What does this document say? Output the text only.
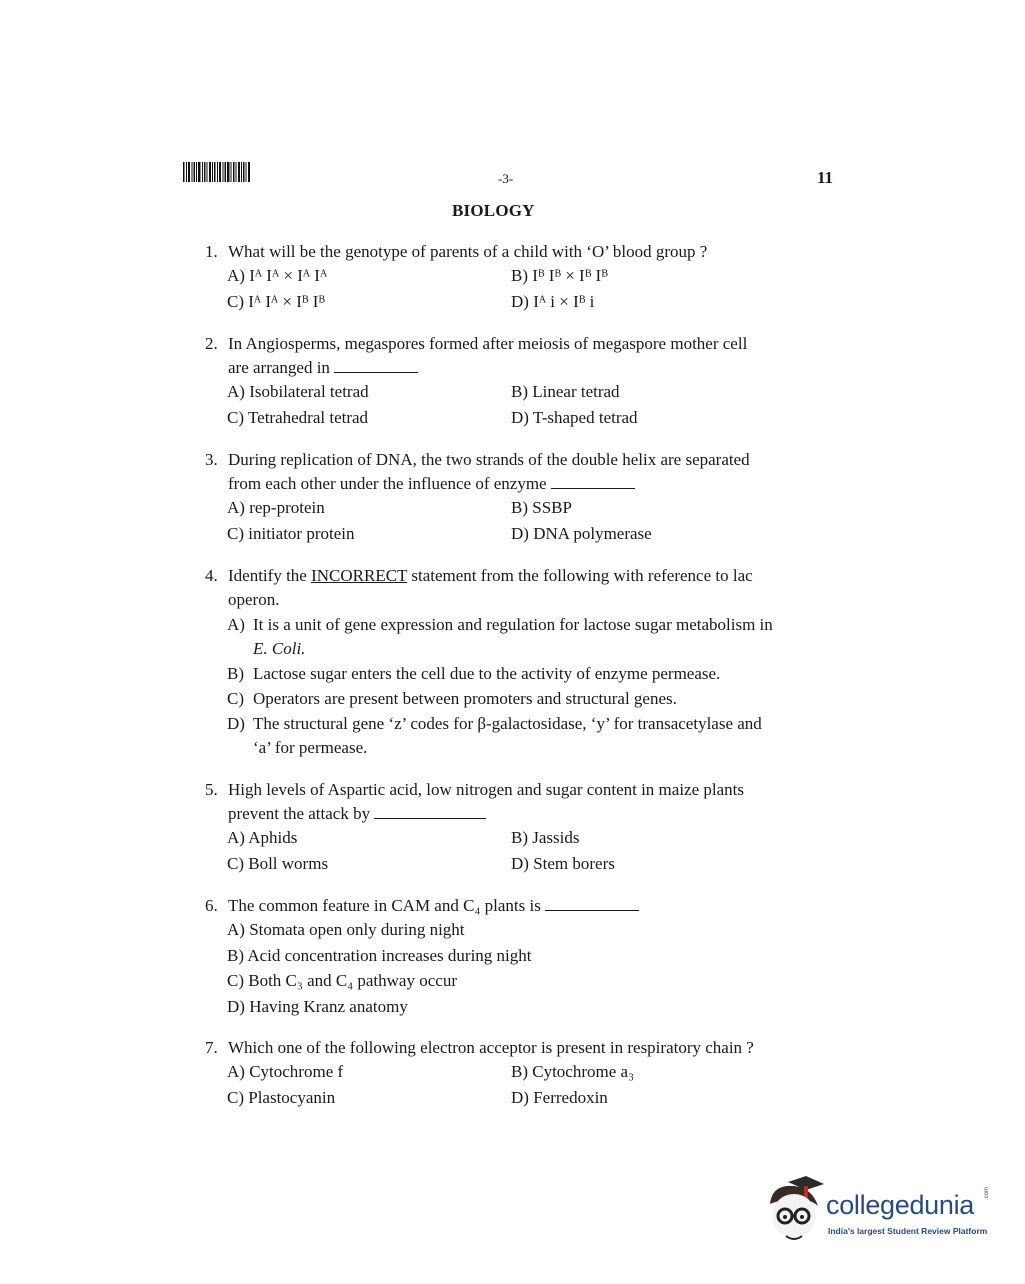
-3-	11
BIOLOGY
1. What will be the genotype of parents of a child with ‘O’ blood group ?
A) Iᴬ Iᴬ × Iᴬ Iᴬ	B) Iᴮ Iᴮ × Iᴮ Iᴮ
C) Iᴬ Iᴬ × Iᴮ Iᴮ	D) Iᴬ i × Iᴮ i
2. In Angiosperms, megaspores formed after meiosis of megaspore mother cell
are arranged in
A) Isobilateral tetrad	B) Linear tetrad
C) Tetrahedral tetrad	D) T-shaped tetrad
3. During replication of DNA, the two strands of the double helix are separated
from each other under the influence of enzyme
A) rep-protein	B) SSBP
C) initiator protein	D) DNA polymerase
4. Identify the INCORRECT statement from the following with reference to lac
operon.
A) It is a unit of gene expression and regulation for lactose sugar metabolism in
E. Coli.
B) Lactose sugar enters the cell due to the activity of enzyme permease.
C) Operators are present between promoters and structural genes.
D) The structural gene ‘z’ codes for β-galactosidase, ‘y’ for transacetylase and
‘a’ for permease.
5. High levels of Aspartic acid, low nitrogen and sugar content in maize plants
prevent the attack by
A) Aphids	B) Jassids
C) Boll worms	D) Stem borers
6. The common feature in CAM and C₄ plants is
A) Stomata open only during night
B) Acid concentration increases during night
C) Both C₃ and C₄ pathway occur
D) Having Kranz anatomy
7. Which one of the following electron acceptor is present in respiratory chain ?
A) Cytochrome f	B) Cytochrome a₃
C) Plastocyanin	D) Ferredoxin
collegedunia
India's largest Student Review Platform
.com
